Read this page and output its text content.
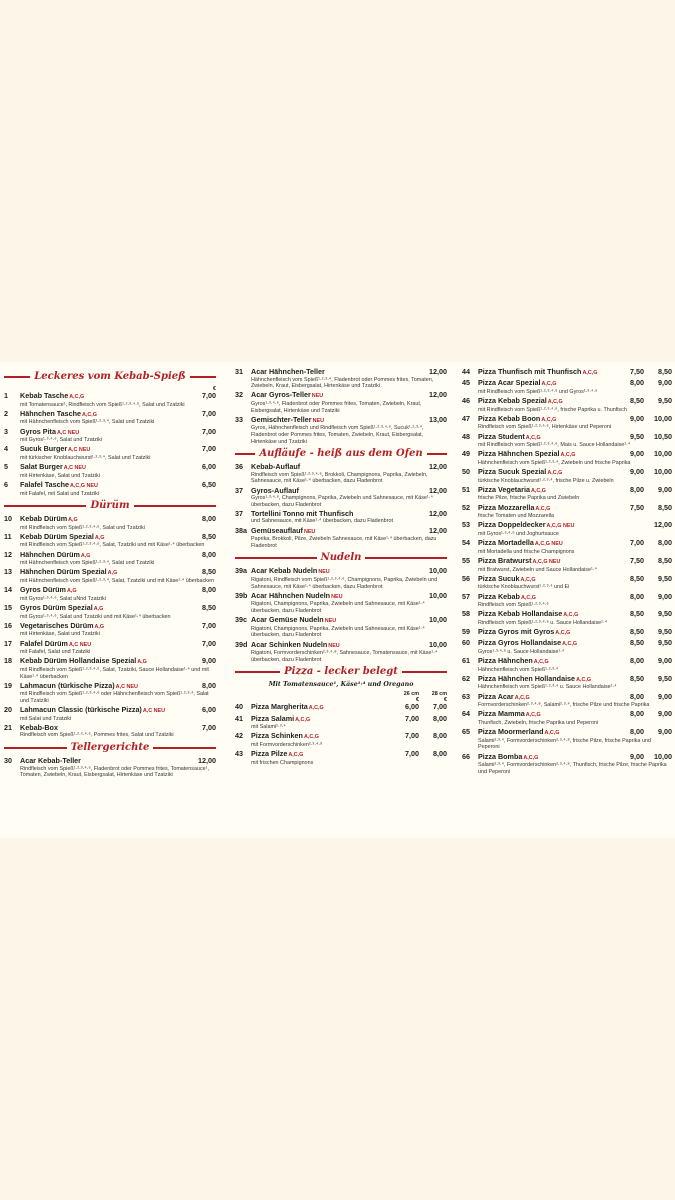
Leckeres vom Kebab-Spieß
€
1	Kebab TascheA,C,G	7,00
mit Tomatensauce¹, Rindfleisch vom Spieß¹·²·³·⁴·⁶, Salat und Tzatziki
2	Hähnchen TascheA,C,G	7,00
mit Hähnchenfleisch vom Spieß¹·²·³·⁴, Salat und Tzatziki
3	Gyros PitaA,C NEU	7,00
mit Gyros¹·³·⁴·⁶, Salat und Tzatziki
4	Sucuk BurgerA,C NEU	7,00
mit türkischer Knoblauchwurst¹·²·³·⁴, Salat und Tzatziki
5	Salat BurgerA,C NEU	6,00
mit Hirtenkäse, Salat und Tzatziki
6	Falafel TascheA,C,G NEU	6,50
mit Falafel, mit Salat und Tzatziki
Dürüm
10	Kebab DürümA,G	8,00
mit Rindfleisch vom Spieß¹·²·³·⁴·⁶, Salat und Tzatziki
11	Kebab Dürüm SpezialA,G	8,50
mit Rindfleisch vom Spieß¹·²·³·⁴·⁶, Salat, Tzatziki und mit Käse¹·⁴ überbacken
12	Hähnchen DürümA,G	8,00
mit Hähnchenfleisch vom Spieß¹·²·³·⁴, Salat und Tzatziki
13	Hähnchen Dürüm SpezialA,G	8,50
mit Hähnchenfleisch vom Spieß¹·²·³·⁴, Salat, Tzatziki und mit Käse¹·⁴ überbacken
14	Gyros DürümA,G	8,00
mit Gyros¹·³·⁴·⁶, Salat uNnd Tzatziki
15	Gyros Dürüm SpezialA,G	8,50
mit Gyros¹·³·⁴·⁶, Salat und Tzatziki und mit Käse¹·⁴ überbacken
16	Vegetarisches DürümA,G	7,00
mit Hirtenkäse, Salat und Tzatziki
17	Falafel DürümA,C NEU	7,00
mit Falafel, Salat und Tzatziki
18	Kebab Dürüm Hollandaise SpezialA,G	9,00
mit Rindfleisch vom Spieß¹·²·³·⁴·⁶, Salat, Tzatziki, Sauce Hollandaise¹·⁴ und mit Käse¹·⁴ überbacken
19	Lahmacun (türkische Pizza)A,C NEU	8,00
mit Rindfleisch vom Spieß¹·²·³·⁴·⁶ oder Hähnchenfleisch vom Spieß¹·²·³·⁴, Salat und Tzatziki
20	Lahmacun Classic (türkische Pizza)A,C NEU	6,00
mit Salat und Tzatziki
21	Kebab-Box	7,00
Rindfleisch vom Spieß¹·²·³·⁴·⁶, Pommes frites, Salat und Tzatziki
Tellergerichte
30	Acar Kebab-Teller	12,00
Rindfleisch vom Spieß¹·²·³·⁴·⁶, Fladenbrot oder Pommes frites, Tomatensauce¹, Tomaten, Zwiebeln, Kraut, Eisbergsalat, Hirtenkäse und Tzatziki
31	Acar Hähnchen-Teller	12,00
Hähnchenfleisch vom Spieß¹·²·³·⁴, Fladenbrot oder Pommes frites, Tomaten, Zwiebeln, Kraut, Eisbergsalat, Hirtenkäse und Tzatziki
32	Acar Gyros-TellerNEU	12,00
Gyros¹·³·⁴·⁶, Fladenbrot oder Pommes frites, Tomaten, Zwiebeln, Kraut, Eisbergsalat, Hirtenkäse und Tzatziki
33	Gemischter-TellerNEU	13,00
Gyros, Hähnchenfleisch und Rindfleisch vom Spieß¹·²·³·⁴·⁶, Sucuk¹·²·³·⁴, Fladenbrot oder Pommes frites, Tomaten, Zwiebeln, Kraut, Eisbergsalat, Hirtenkäse und Tzatziki
Aufläufe - heiß aus dem Ofen
36	Kebab-Auflauf	12,00
Rindfleisch vom Spieß¹·²·³·⁴·⁶, Brokkoli, Champignons, Paprika, Zwiebeln, Sahnesauce, mit Käse¹·⁴ überbacken, dazu Fladenbrot
37	Gyros-Auflauf	12,00
Gyros¹·³·⁴·⁶, Champignons, Paprika, Zwiebeln und Sahnesauce, mit Käse¹·⁴ überbacken, dazu Fladenbrot
37	Tortellini Tonno mit Thunfisch	12,00
und Sahnesauce, mit Käse¹·⁴ überbacken, dazu Fladenbrot
38a GemüseauflaufNEU	12,00
Paprika, Brokkoli, Pilze, Zwiebeln Sahnesauce, mit Käse¹·⁴ überbacken, dazu Fladenbrot
Nudeln
39a Acar Kebab NudelnNEU	10,00
Rigatoni, Rindfleisch vom Spieß¹·²·³·⁴·⁶, Champignons, Paprika, Zwiebeln und Sahnesauce, mit Käse¹·⁴ überbacken, dazu Fladenbrot
39b Acar Hähnchen NudelnNEU	10,00
Rigatoni, Champignons, Paprika, Zwiebeln und Sahnesauce, mit Käse¹·⁴ überbacken, dazu Fladenbrot
39c Acar Gemüse NudelnNEU	10,00
Rigatoni, Champignons, Paprika, Zwiebeln und Sahnesauce, mit Käse¹·⁴ überbacken, dazu Fladenbrot
39d Acar Schinken NudelnNEU	10,00
Rigatoni, Formvorderschinken²·³·⁴·⁸, Sahnesauce, Tomatensauce, mit Käse¹·⁴ überbacken, dazu Fladenbrot
Pizza - lecker belegt
Mit Tomatensauce¹, Käse¹·⁴ und Oregano
26 cm	28 cm
€	€
40	Pizza MargheritaA,C,G	6,00	7,00
41	Pizza SalamiA,C,G	7,00	8,00
mit Salami²·³·⁴
42	Pizza SchinkenA,C,G	7,00	8,00
mit Formvorderschinken²·³·⁴·⁸
43	Pizza PilzeA,C,G	7,00	8,00
mit frischen Champignons
44	Pizza Thunfisch mit ThunfischA,C,G	7,50	8,50
45	Pizza Acar SpezialA,C,G	8,00	9,00
mit Rindfleisch vom Spieß¹·²·³·⁴·⁶ und Gyros¹·³·⁴·⁶
46	Pizza Kebab SpezialA,C,G	8,50	9,50
mit Rindfleisch vom Spieß¹·²·³·⁴·⁶, frische Paprika u. Thunfisch
47	Pizza Kebab BoonA,C,G	9,00	10,00
Rindfleisch vom Spieß¹·²·³·⁴·⁶, Hirtenkäse und Peperoni
48	Pizza StudentA,C,G	9,50	10,50
mit Rindfleisch vom Spieß¹·²·³·⁴·⁶, Mais u. Sauce Hollandaise¹·⁴
49	Pizza Hähnchen SpezialA,C,G	9,00	10,00
Hähnchenfleisch vom Spieß¹·²·³·⁴, Zwiebeln und frische Paprika
50	Pizza Sucuk SpezialA,C,G	9,00	10,00
türkische Knoblauchwurst¹·²·³·⁴, frische Pilze u. Zwiebeln
51	Pizza VegetariaA,C,G	8,00	9,00
frische Pilze, frische Paprika und Zwiebeln
52	Pizza MozzarellaA,C,G	7,50	8,50
frische Tomaten und Mozzarella
53	Pizza DoppeldeckerA,C,G NEU	12,00
mit Gyros¹·³·⁴·⁶ und Joghurtsauce
54	Pizza MortadellaA,C,G NEU	7,00	8,00
mit Mortadella und frische Champignons
55	Pizza BratwurstA,C,G NEU	7,50	8,50
mit Bratwurst, Zwiebeln und Sauce Hollandaise¹·⁴
56	Pizza SucukA,C,G	8,50	9,50
türkische Knoblauchwurst¹·²·³·⁴ und Ei
57	Pizza KebabA,C,G	8,00	9,00
Rindfleisch vom Spieß¹·²·³·⁴·⁶
58	Pizza Kebab HollandaiseA,C,G	8,50	9,50
Rindfleisch vom Spieß¹·²·³·⁴·⁶ u. Sauce Hollandaise¹·⁴
59	Pizza Gyros mit GyrosA,C,G	8,50	9,50
60	Pizza Gyros HollandaiseA,C,G	8,50	9,50
Gyros¹·³·⁴·⁶ u. Sauce Hollandaise¹·⁴
61	Pizza HähnchenA,C,G	8,00	9,00
Hähnchenfleisch vom Spieß¹·²·³·⁴
62	Pizza Hähnchen HollandaiseA,C,G	8,50	9,50
Hähnchenfleisch vom Spieß¹·²·³·⁴ u. Sauce Hollandaise¹·⁴
63	Pizza AcarA,C,G	8,00	9,00
Formvorderschinken²·³·⁴·⁸, Salami²·³·⁴, frische Pilze und frische Paprika
64	Pizza MammaA,C,G	8,00	9,00
Thunfisch, Zwiebeln, frische Paprika und Peperoni
65	Pizza MoormerlandA,C,G	8,00	9,00
Salami²·³·⁴, Formvorderschinken²·³·⁴·⁸, frische Pilze, frische Paprika und Peperoni
66	Pizza BombaA,C,G	9,00	10,00
Salami²·³·⁴, Formvorderschinken²·³·⁴·⁸, Thunfisch, frische Pilze, frische Paprika und Peperoni
